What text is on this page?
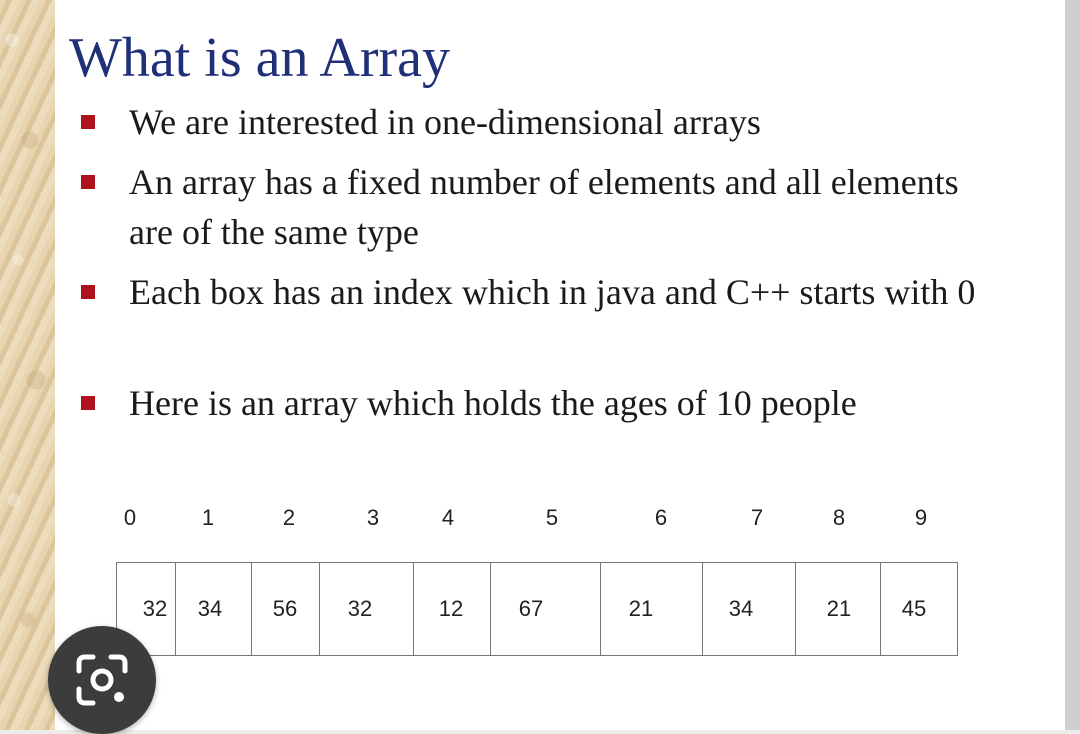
What is an Array
We are interested in one-dimensional arrays
An array has a fixed number of elements and all elements are of the same type
Each box has an index which in java and C++ starts with 0
Here is an array which holds the ages of 10 people
0	1	2	3	4	5	6	7	8	9
32	34	56	32	12	67	21	34	21	45
